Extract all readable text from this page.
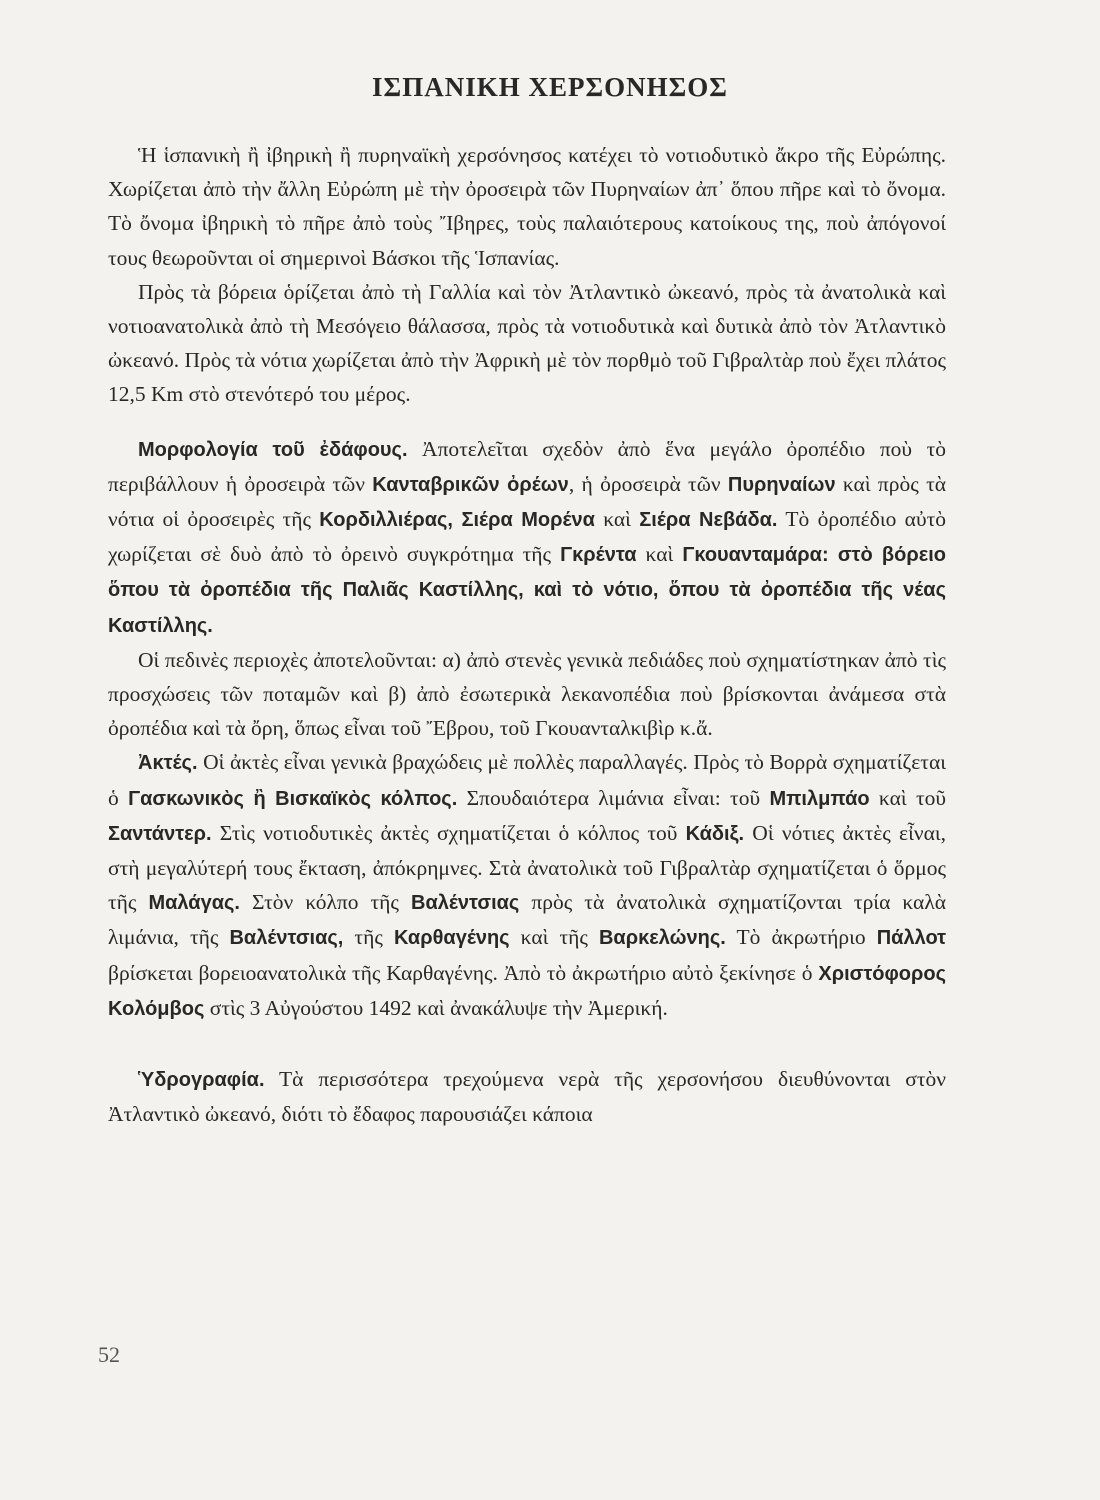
ΙΣΠΑΝΙΚΗ ΧΕΡΣΟΝΗΣΟΣ

Ἡ ἱσπανικὴ ἢ ἰβηρικὴ ἢ πυρηναϊκὴ χερσόνησος κατέχει τὸ νοτιοδυτικὸ ἄκρο τῆς Εὐρώπης. Χωρίζεται ἀπὸ τὴν ἄλλη Εὐρώπη μὲ τὴν ὀροσειρὰ τῶν Πυρηναίων ἀπ᾽ ὅπου πῆρε καὶ τὸ ὄνομα. Τὸ ὄνομα ἰβηρικὴ τὸ πῆρε ἀπὸ τοὺς Ἴβηρες, τοὺς παλαιότερους κατοίκους της, ποὺ ἀπόγονοί τους θεωροῦνται οἱ σημερινοὶ Βάσκοι τῆς Ἱσπανίας.

Πρὸς τὰ βόρεια ὁρίζεται ἀπὸ τὴ Γαλλία καὶ τὸν Ἀτλαντικὸ ὠκεανό, πρὸς τὰ ἀνατολικὰ καὶ νοτιοανατολικὰ ἀπὸ τὴ Μεσόγειο θάλασσα, πρὸς τὰ νοτιοδυτικὰ καὶ δυτικὰ ἀπὸ τὸν Ἀτλαντικὸ ὠκεανό. Πρὸς τὰ νότια χωρίζεται ἀπὸ τὴν Ἀφρικὴ μὲ τὸν πορθμὸ τοῦ Γιβραλτὰρ ποὺ ἔχει πλάτος 12,5 Km στὸ στενότερό του μέρος.

Μορφολογία τοῦ ἐδάφους. Ἀποτελεῖται σχεδὸν ἀπὸ ἕνα μεγάλο ὀροπέδιο ποὺ τὸ περιβάλλουν ἡ ὀροσειρὰ τῶν Κανταβρικῶν ὀρέων, ἡ ὀροσειρὰ τῶν Πυρηναίων καὶ πρὸς τὰ νότια οἱ ὀροσειρὲς τῆς Κορδιλλιέρας, Σιέρα Μορένα καὶ Σιέρα Νεβάδα. Τὸ ὀροπέδιο αὐτὸ χωρίζεται σὲ δυὸ ἀπὸ τὸ ὀρεινὸ συγκρότημα τῆς Γκρέντα καὶ Γκουανταμάρα: στὸ βόρειο ὅπου τὰ ὀροπέδια τῆς Παλιᾶς Καστίλλης, καὶ τὸ νότιο, ὅπου τὰ ὀροπέδια τῆς νέας Καστίλλης.

Οἱ πεδινὲς περιοχὲς ἀποτελοῦνται: α) ἀπὸ στενὲς γενικὰ πεδιάδες ποὺ σχηματίστηκαν ἀπὸ τὶς προσχώσεις τῶν ποταμῶν καὶ β) ἀπὸ ἐσωτερικὰ λεκανοπέδια ποὺ βρίσκονται ἀνάμεσα στὰ ὀροπέδια καὶ τὰ ὄρη, ὅπως εἶναι τοῦ Ἔβρου, τοῦ Γκουανταλκιβὶρ κ.ἄ.

Ἀκτές. Οἱ ἀκτὲς εἶναι γενικὰ βραχώδεις μὲ πολλὲς παραλλαγές. Πρὸς τὸ Βορρὰ σχηματίζεται ὁ Γασκωνικὸς ἢ Βισκαϊκὸς κόλπος. Σπουδαιότερα λιμάνια εἶναι: τοῦ Μπιλμπάο καὶ τοῦ Σαντάντερ. Στὶς νοτιοδυτικὲς ἀκτὲς σχηματίζεται ὁ κόλπος τοῦ Κάδιξ. Οἱ νότιες ἀκτὲς εἶναι, στὴ μεγαλύτερή τους ἔκταση, ἀπόκρημνες. Στὰ ἀνατολικὰ τοῦ Γιβραλτὰρ σχηματίζεται ὁ ὅρμος τῆς Μαλάγας. Στὸν κόλπο τῆς Βαλέντσιας πρὸς τὰ ἀνατολικὰ σχηματίζονται τρία καλὰ λιμάνια, τῆς Βαλέντσιας, τῆς Καρθαγένης καὶ τῆς Βαρκελώνης. Τὸ ἀκρωτήριο Πάλλοτ βρίσκεται βορειοανατολικὰ τῆς Καρθαγένης. Ἀπὸ τὸ ἀκρωτήριο αὐτὸ ξεκίνησε ὁ Χριστόφορος Κολόμβος στὶς 3 Αὐγούστου 1492 καὶ ἀνακάλυψε τὴν Ἀμερική.

Ὑδρογραφία. Τὰ περισσότερα τρεχούμενα νερὰ τῆς χερσονήσου διευθύνονται στὸν Ἀτλαντικὸ ὠκεανό, διότι τὸ ἔδαφος παρουσιάζει κάποια

52
